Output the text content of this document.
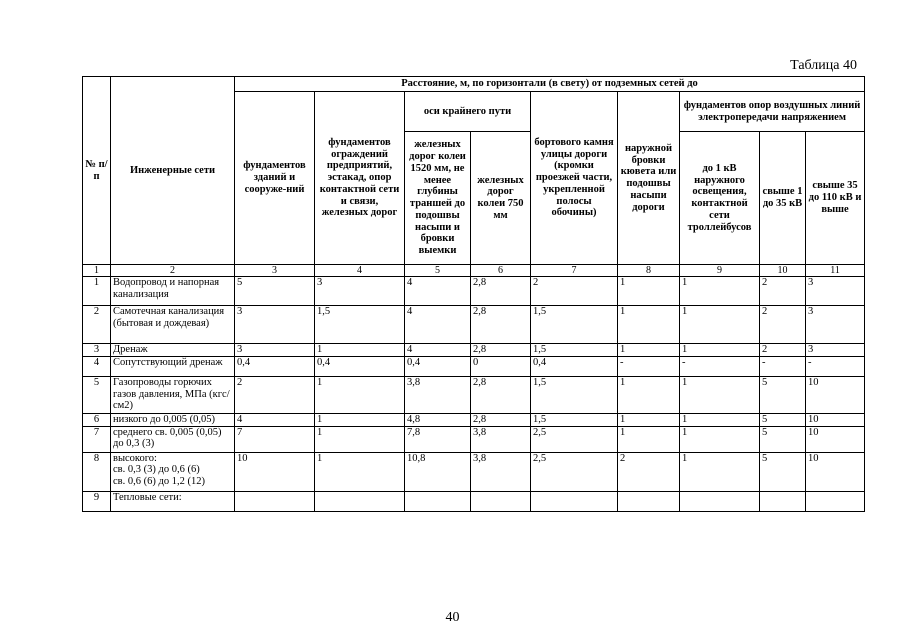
Таблица 40
№ п/п	Инженерные сети	Расстояние, м, по горизонтали (в свету) от подземных сетей до								
		фундаментов зданий и сооруже-ний	фундаментов ограждений предприятий, эстакад, опор контактной сети и связи, железных дорог	оси крайнего пути		бортового камня улицы дороги (кромки проезжей части, укрепленной полосы обочины)	наружной бровки кювета или подошвы насыпи дороги	фундаментов опор воздушных линий электропередачи напряжением		
				железных дорог колеи 1520 мм, не менее глубины траншей до подошвы насыпи и бровки выемки	железных дорог колеи 750 мм			до 1 кВ наружного освещения, контактной сети троллейбусов	свыше 1 до 35 кВ	свыше 35 до 110 кВ и выше

1	2	3	4	5	6	7	8	9	10	11
1	Водопровод и напорная канализация	5	3	4	2,8	2	1	1	2	3
2	Самотечная канализация (бытовая и дождевая)	3	1,5	4	2,8	1,5	1	1	2	3
3	Дренаж	3	1	4	2,8	1,5	1	1	2	3
4	Сопутствующий дренаж	0,4	0,4	0,4	0	0,4	-	-	-	-
5	Газопроводы горючих газов давления, МПа (кгс/см2)	2	1	3,8	2,8	1,5	1	1	5	10
6	низкого до 0,005 (0,05)	4	1	4,8	2,8	1,5	1	1	5	10
7	среднего св. 0,005 (0,05) до 0,3 (3)	7	1	7,8	3,8	2,5	1	1	5	10
8	высокого:
св. 0,3 (3) до 0,6 (6)
св. 0,6 (6) до 1,2 (12)	10	1	10,8	3,8	2,5	2	1	5	10
9	Тепловые сети:									
40
